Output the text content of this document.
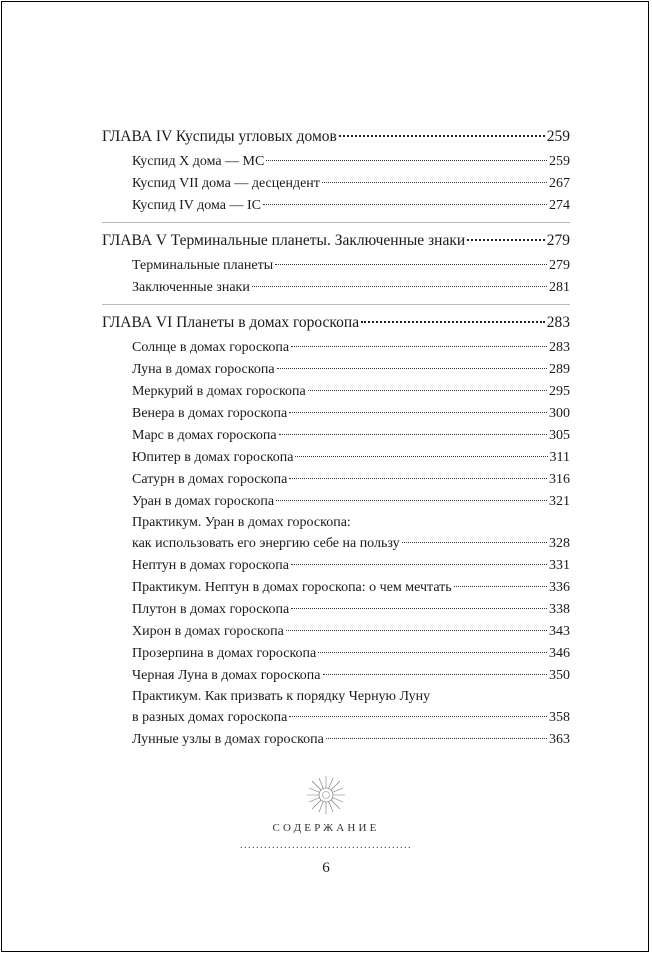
ГЛАВА IV Куспиды угловых домов	259
Куспид X дома — МС	259
Куспид VII дома — десцендент	267
Куспид IV дома — IС	274
ГЛАВА V Терминальные планеты. Заключенные знаки	279
Терминальные планеты	279
Заключенные знаки	281
ГЛАВА VI Планеты в домах гороскопа	283
Солнце в домах гороскопа	283
Луна в домах гороскопа	289
Меркурий в домах гороскопа	295
Венера в домах гороскопа	300
Марс в домах гороскопа	305
Юпитер в домах гороскопа	311
Сатурн в домах гороскопа	316
Уран в домах гороскопа	321
Практикум. Уран в домах гороскопа:
как использовать его энергию себе на пользу	328
Нептун в домах гороскопа	331
Практикум. Нептун в домах гороскопа: о чем мечтать	336
Плутон в домах гороскопа	338
Хирон в домах гороскопа	343
Прозерпина в домах гороскопа	346
Черная Луна в домах гороскопа	350
Практикум. Как призвать к порядку Черную Луну
в разных домах гороскопа	358
Лунные узлы в домах гороскопа	363
СОДЕРЖАНИЕ
...........................................
6
